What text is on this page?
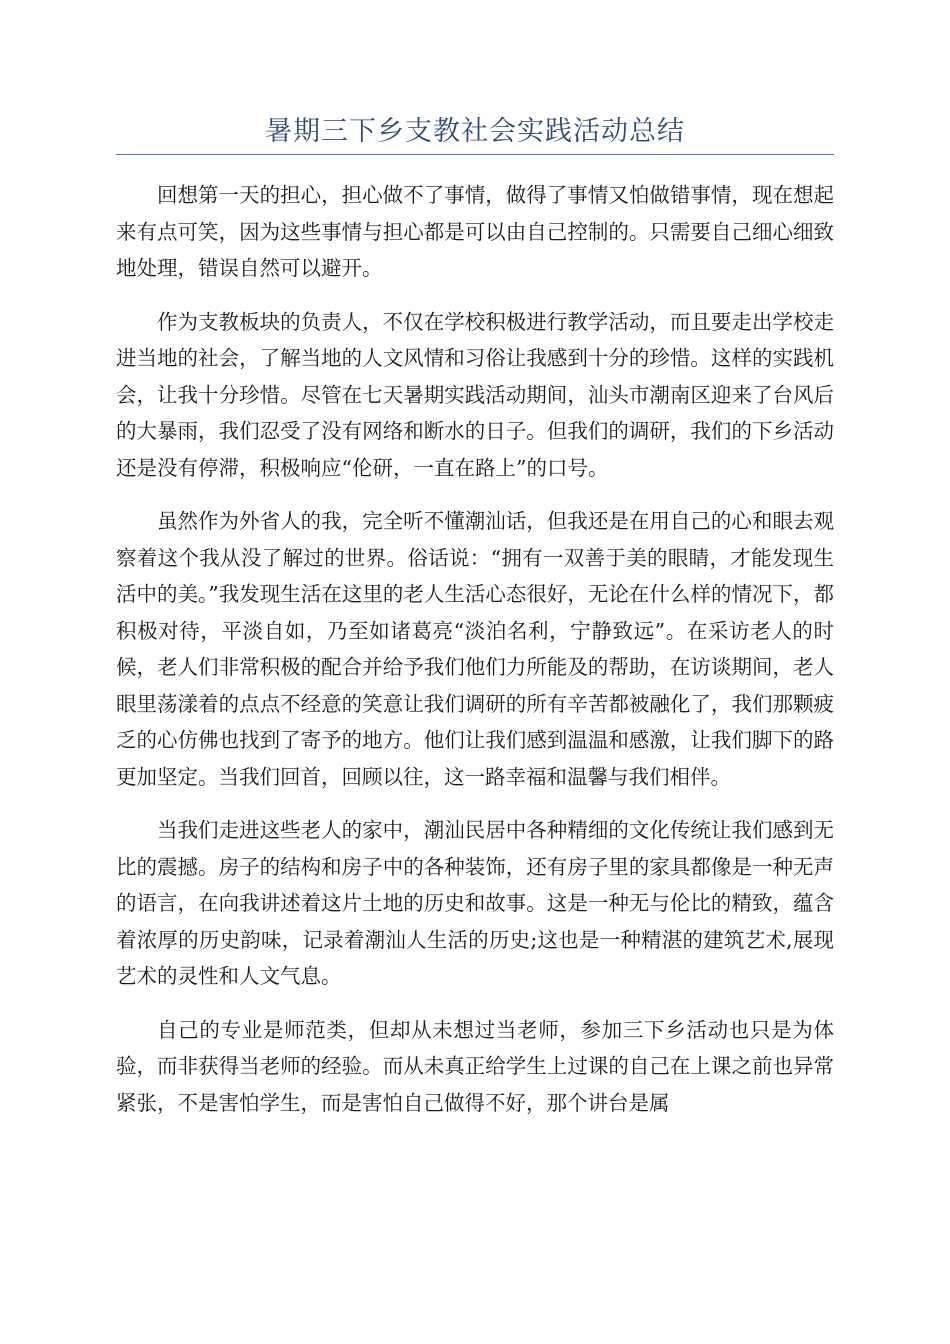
暑期三下乡支教社会实践活动总结

回想第一天的担心，担心做不了事情，做得了事情又怕做错事情，现在想起来有点可笑，因为这些事情与担心都是可以由自己控制的。只需要自己细心细致地处理，错误自然可以避开。

作为支教板块的负责人，不仅在学校积极进行教学活动，而且要走出学校走进当地的社会，了解当地的人文风情和习俗让我感到十分的珍惜。这样的实践机会，让我十分珍惜。尽管在七天暑期实践活动期间，汕头市潮南区迎来了台风后的大暴雨，我们忍受了没有网络和断水的日子。但我们的调研，我们的下乡活动还是没有停滞，积极响应“伦研，一直在路上”的口号。

虽然作为外省人的我，完全听不懂潮汕话，但我还是在用自己的心和眼去观察着这个我从没了解过的世界。俗话说：“拥有一双善于美的眼睛，才能发现生活中的美。”我发现生活在这里的老人生活心态很好，无论在什么样的情况下，都积极对待，平淡自如，乃至如诸葛亮“淡泊名利，宁静致远”。在采访老人的时候，老人们非常积极的配合并给予我们他们力所能及的帮助，在访谈期间，老人眼里荡漾着的点点不经意的笑意让我们调研的所有辛苦都被融化了，我们那颗疲乏的心仿佛也找到了寄予的地方。他们让我们感到温温和感激，让我们脚下的路更加坚定。当我们回首，回顾以往，这一路幸福和温馨与我们相伴。

当我们走进这些老人的家中，潮汕民居中各种精细的文化传统让我们感到无比的震撼。房子的结构和房子中的各种装饰，还有房子里的家具都像是一种无声的语言，在向我讲述着这片土地的历史和故事。这是一种无与伦比的精致，蕴含着浓厚的历史韵味，记录着潮汕人生活的历史;这也是一种精湛的建筑艺术,展现艺术的灵性和人文气息。

自己的专业是师范类，但却从未想过当老师，参加三下乡活动也只是为体验，而非获得当老师的经验。而从未真正给学生上过课的自己在上课之前也异常紧张，不是害怕学生，而是害怕自己做得不好，那个讲台是属
